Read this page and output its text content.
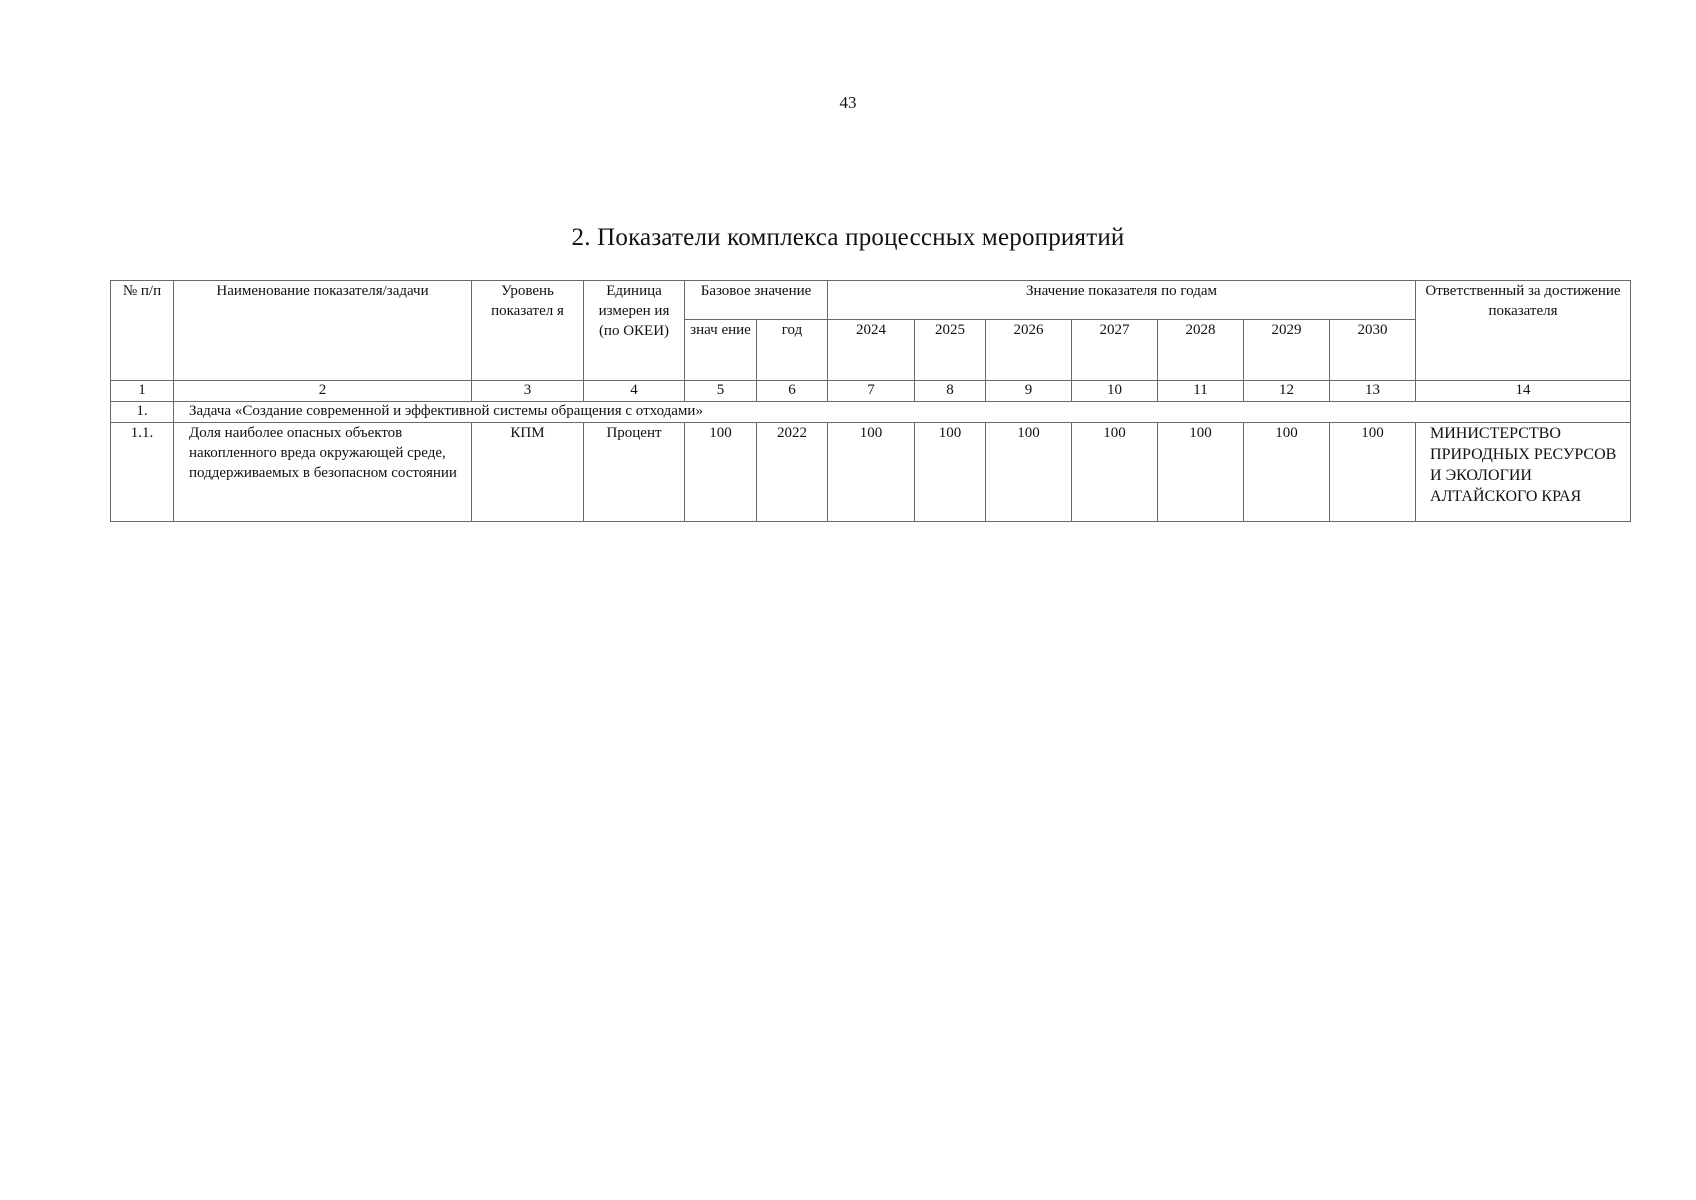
43
2. Показатели комплекса процессных мероприятий
№ п/п	Наименование показателя/задачи	Уровень показател я	Единица измерен ия (по ОКЕИ)	Базовое значение		Значение показателя по годам							Ответственный за достижение показателя
				знач ение	год	2024	2025	2026	2027	2028	2029	2030	
1	2	3	4	5	6	7	8	9	10	11	12	13	14
1.	Задача «Создание современной и эффективной системы обращения с отходами»												
1.1.	Доля наиболее опасных объектов накопленного вреда окружающей среде, поддерживаемых в безопасном состоянии	КПМ	Процент	100	2022	100	100	100	100	100	100	100	МИНИСТЕРСТВО ПРИРОДНЫХ РЕСУРСОВ И ЭКОЛОГИИ АЛТАЙСКОГО КРАЯ
